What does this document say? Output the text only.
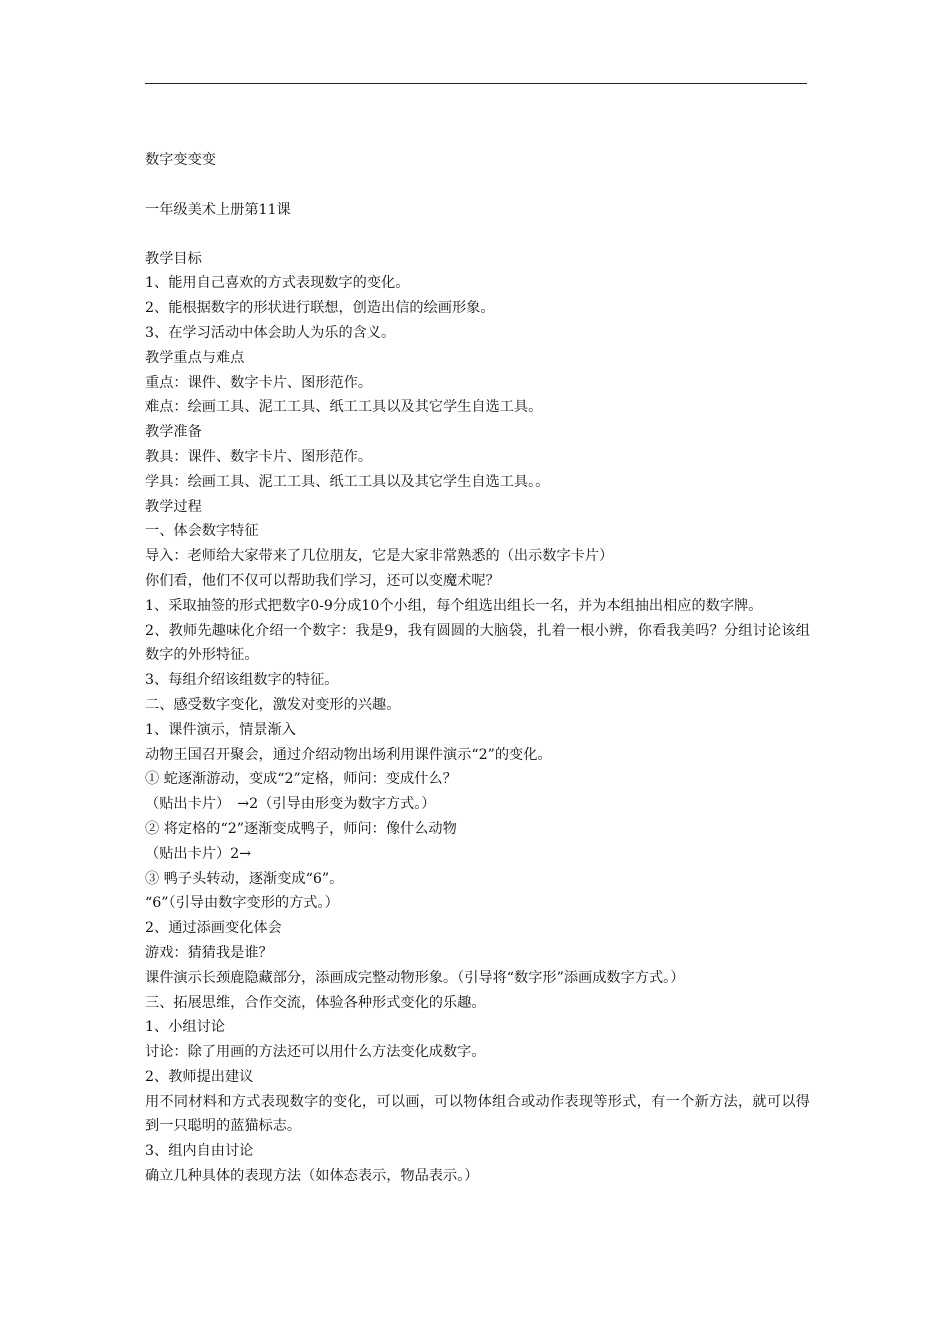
数字变变变
一年级美术上册第11课
教学目标
1、能用自己喜欢的方式表现数字的变化。
2、能根据数字的形状进行联想，创造出信的绘画形象。
3、在学习活动中体会助人为乐的含义。
教学重点与难点
重点：课件、数字卡片、图形范作。
难点：绘画工具、泥工工具、纸工工具以及其它学生自选工具。
教学准备
教具：课件、数字卡片、图形范作。
学具：绘画工具、泥工工具、纸工工具以及其它学生自选工具。。
教学过程
一、体会数字特征
导入：老师给大家带来了几位朋友，它是大家非常熟悉的（出示数字卡片）
你们看，他们不仅可以帮助我们学习，还可以变魔术呢？
1、采取抽签的形式把数字0-9分成10个小组，每个组选出组长一名，并为本组抽出相应的数字牌。
2、教师先趣味化介绍一个数字：我是9，我有圆圆的大脑袋，扎着一根小辨，你看我美吗？分组讨论该组数字的外形特征。
3、每组介绍该组数字的特征。
二、感受数字变化，激发对变形的兴趣。
1、课件演示，情景渐入
动物王国召开聚会，通过介绍动物出场利用课件演示“2”的变化。
① 蛇逐渐游动，变成“2”定格，师问：变成什么？
（贴出卡片）　→2（引导由形变为数字方式。）
② 将定格的“2”逐渐变成鸭子，师问：像什么动物
（贴出卡片）2→
③ 鸭子头转动，逐渐变成“6”。
“6”（引导由数字变形的方式。）
2、通过添画变化体会
游戏：猜猜我是谁？
课件演示长颈鹿隐藏部分，添画成完整动物形象。（引导将“数字形”添画成数字方式。）
三、拓展思维，合作交流，体验各种形式变化的乐趣。
1、小组讨论
讨论：除了用画的方法还可以用什么方法变化成数字。
2、教师提出建议
用不同材料和方式表现数字的变化，可以画，可以物体组合或动作表现等形式，有一个新方法，就可以得到一只聪明的蓝猫标志。
3、组内自由讨论
确立几种具体的表现方法（如体态表示，物品表示。）
